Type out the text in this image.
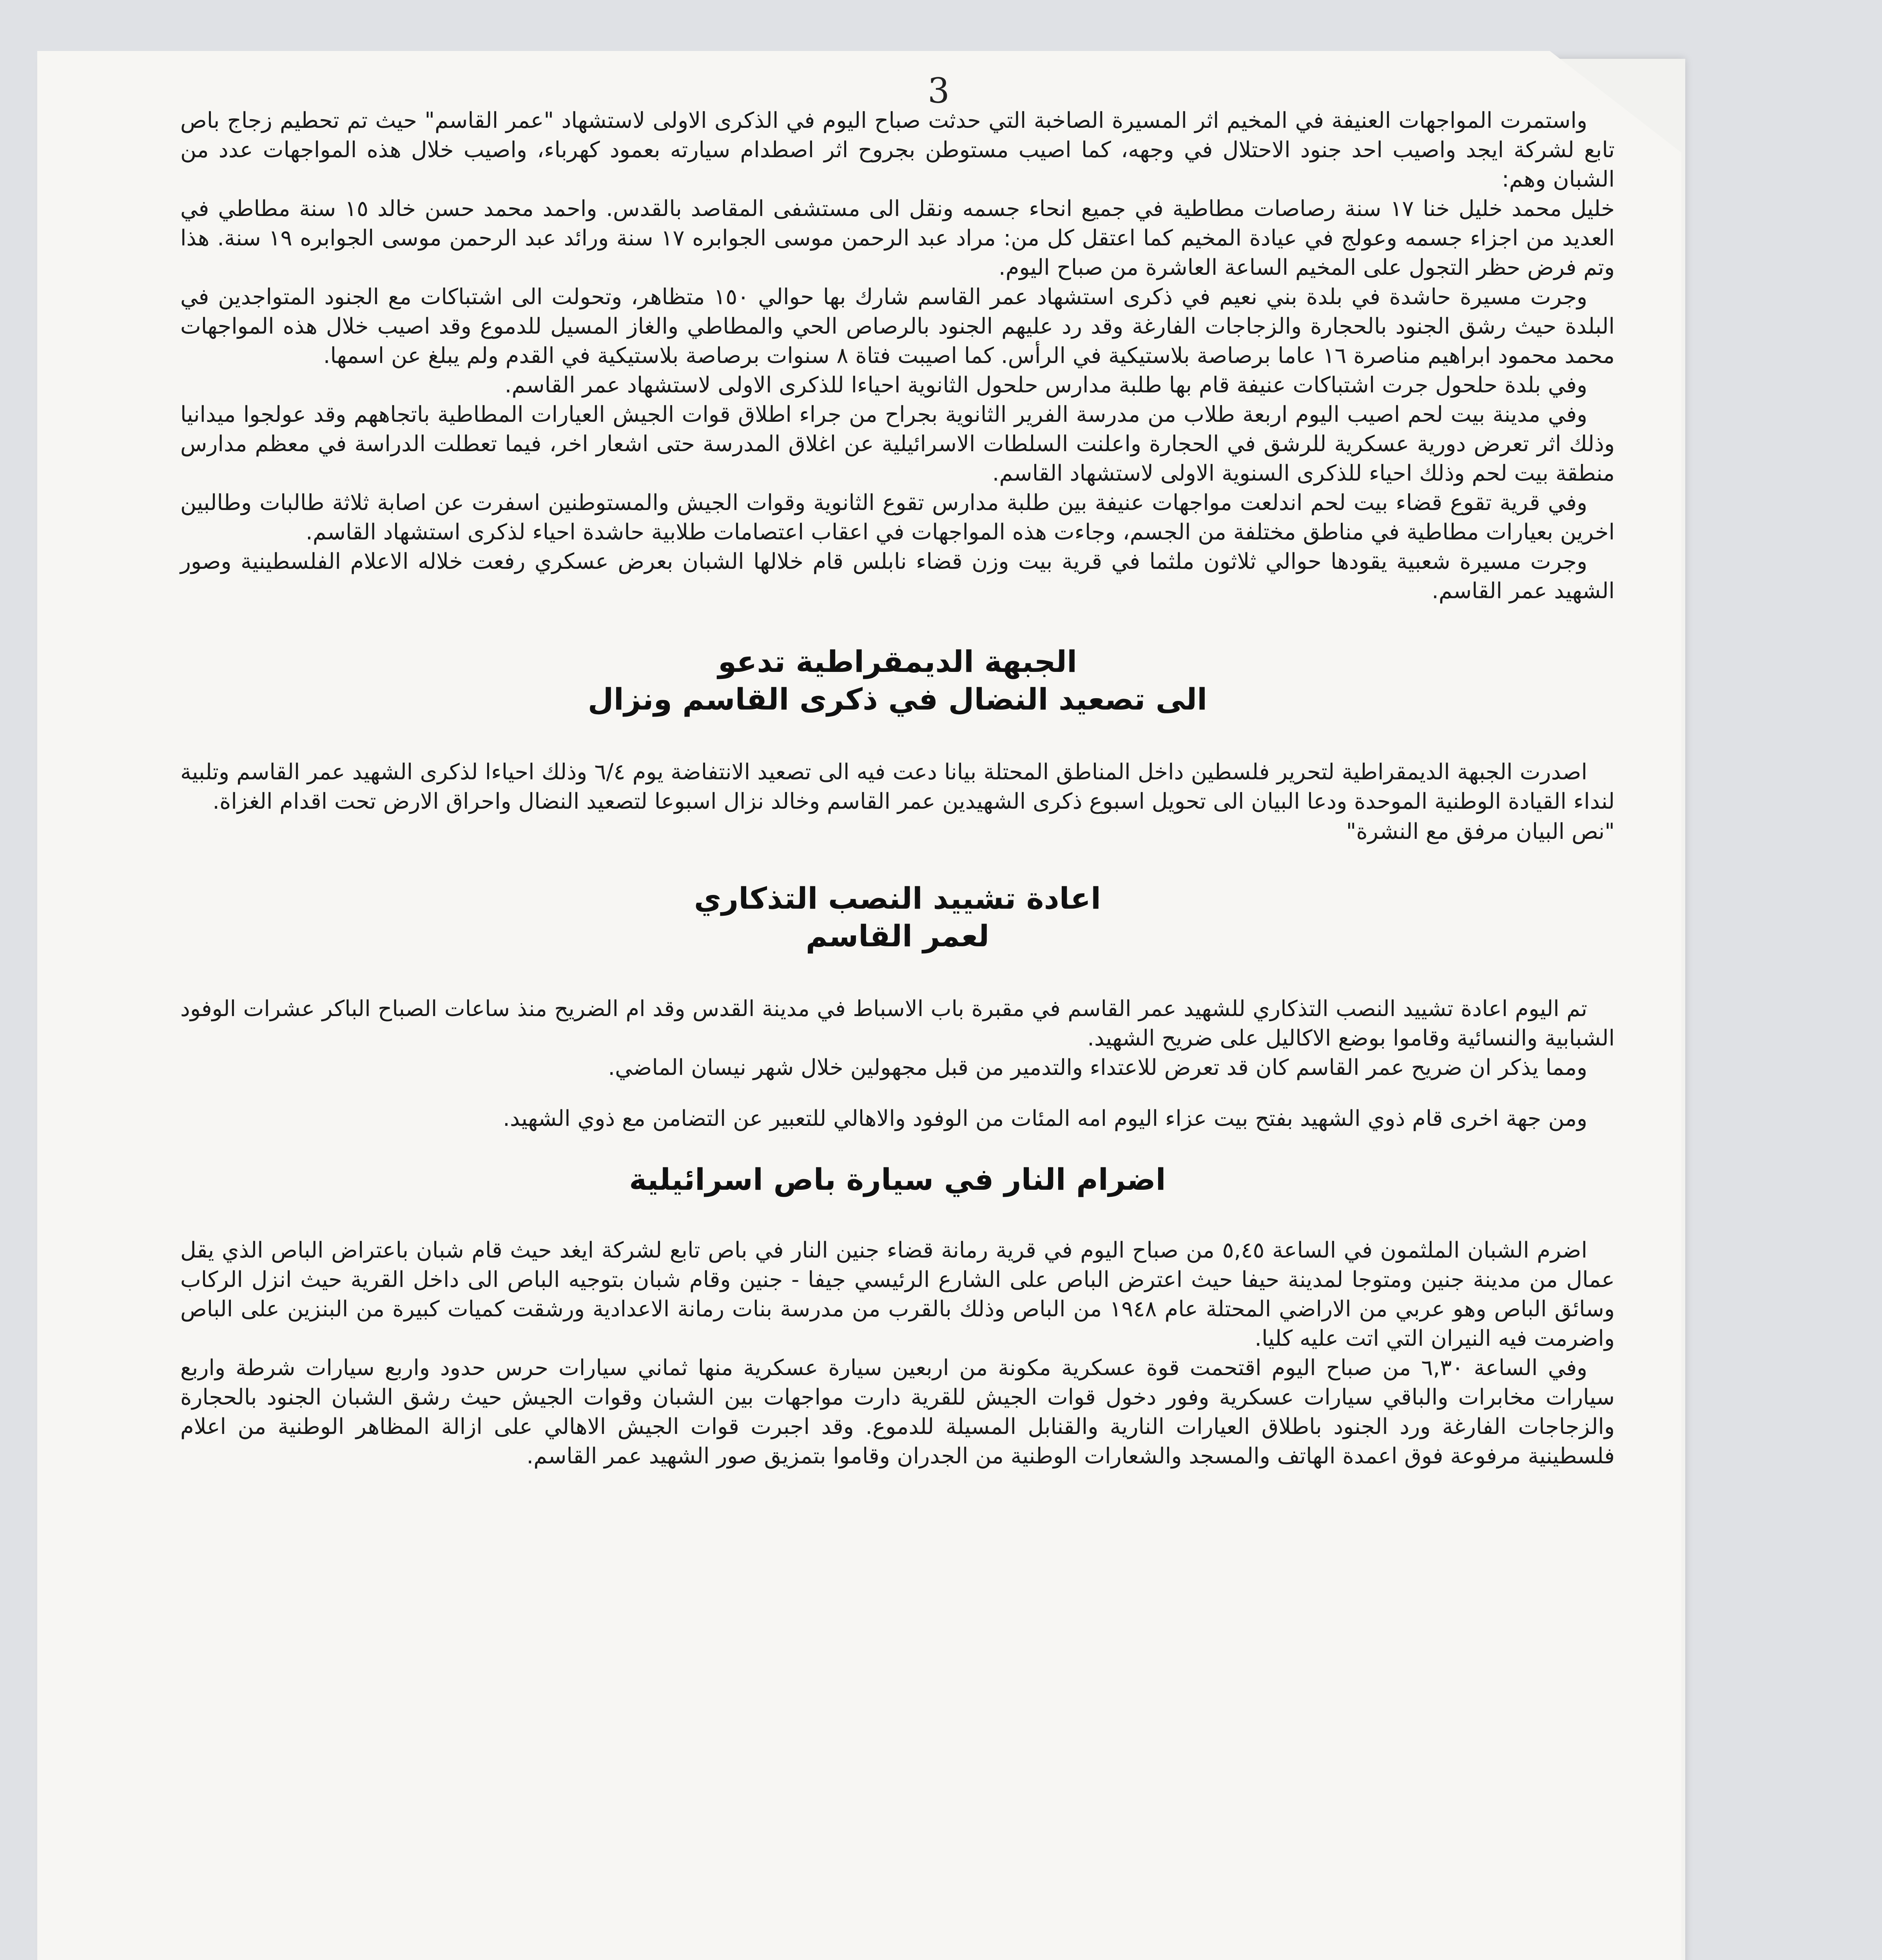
3

واستمرت المواجهات العنيفة في المخيم اثر المسيرة الصاخبة التي حدثت صباح اليوم في الذكرى الاولى لاستشهاد "عمر القاسم" حيث تم تحطيم زجاج باص تابع لشركة ايجد واصيب احد جنود الاحتلال في وجهه، كما اصيب مستوطن بجروح اثر اصطدام سيارته بعمود كهرباء، واصيب خلال هذه المواجهات عدد من الشبان وهم:

خليل محمد خليل خنا ١٧ سنة رصاصات مطاطية في جميع انحاء جسمه ونقل الى مستشفى المقاصد بالقدس. واحمد محمد حسن خالد ١٥ سنة مطاطي في العديد من اجزاء جسمه وعولج في عيادة المخيم كما اعتقل كل من: مراد عبد الرحمن موسى الجوابره ١٧ سنة ورائد عبد الرحمن موسى الجوابره ١٩ سنة. هذا وتم فرض حظر التجول على المخيم الساعة العاشرة من صباح اليوم.

وجرت مسيرة حاشدة في بلدة بني نعيم في ذكرى استشهاد عمر القاسم شارك بها حوالي ١٥٠ متظاهر، وتحولت الى اشتباكات مع الجنود المتواجدين في البلدة حيث رشق الجنود بالحجارة والزجاجات الفارغة وقد رد عليهم الجنود بالرصاص الحي والمطاطي والغاز المسيل للدموع وقد اصيب خلال هذه المواجهات محمد محمود ابراهيم مناصرة ١٦ عاما برصاصة بلاستيكية في الرأس. كما اصيبت فتاة ٨ سنوات برصاصة بلاستيكية في القدم ولم يبلغ عن اسمها.

وفي بلدة حلحول جرت اشتباكات عنيفة قام بها طلبة مدارس حلحول الثانوية احياءا للذكرى الاولى لاستشهاد عمر القاسم.

وفي مدينة بيت لحم اصيب اليوم اربعة طلاب من مدرسة الفرير الثانوية بجراح من جراء اطلاق قوات الجيش العيارات المطاطية باتجاههم وقد عولجوا ميدانيا وذلك اثر تعرض دورية عسكرية للرشق في الحجارة واعلنت السلطات الاسرائيلية عن اغلاق المدرسة حتى اشعار اخر، فيما تعطلت الدراسة في معظم مدارس منطقة بيت لحم وذلك احياء للذكرى السنوية الاولى لاستشهاد القاسم.

وفي قرية تقوع قضاء بيت لحم اندلعت مواجهات عنيفة بين طلبة مدارس تقوع الثانوية وقوات الجيش والمستوطنين اسفرت عن اصابة ثلاثة طالبات وطالبين اخرين بعيارات مطاطية في مناطق مختلفة من الجسم، وجاءت هذه المواجهات في اعقاب اعتصامات طلابية حاشدة احياء لذكرى استشهاد القاسم.

وجرت مسيرة شعبية يقودها حوالي ثلاثون ملثما في قرية بيت وزن قضاء نابلس قام خلالها الشبان بعرض عسكري رفعت خلاله الاعلام الفلسطينية وصور الشهيد عمر القاسم.

الجبهة الديمقراطية تدعو

الى تصعيد النضال في ذكرى القاسم ونزال

اصدرت الجبهة الديمقراطية لتحرير فلسطين داخل المناطق المحتلة بيانا دعت فيه الى تصعيد الانتفاضة يوم ٦/٤ وذلك احياءا لذكرى الشهيد عمر القاسم وتلبية لنداء القيادة الوطنية الموحدة ودعا البيان الى تحويل اسبوع ذكرى الشهيدين عمر القاسم وخالد نزال اسبوعا لتصعيد النضال واحراق الارض تحت اقدام الغزاة.

"نص البيان مرفق مع النشرة"

اعادة تشييد النصب التذكاري

لعمر القاسم

تم اليوم اعادة تشييد النصب التذكاري للشهيد عمر القاسم في مقبرة باب الاسباط في مدينة القدس وقد ام الضريح منذ ساعات الصباح الباكر عشرات الوفود الشبابية والنسائية وقاموا بوضع الاكاليل على ضريح الشهيد.

ومما يذكر ان ضريح عمر القاسم كان قد تعرض للاعتداء والتدمير من قبل مجهولين خلال شهر نيسان الماضي.

ومن جهة اخرى قام ذوي الشهيد بفتح بيت عزاء اليوم امه المئات من الوفود والاهالي للتعبير عن التضامن مع ذوي الشهيد.

اضرام النار في سيارة باص اسرائيلية

اضرم الشبان الملثمون في الساعة ٥,٤٥ من صباح اليوم في قرية رمانة قضاء جنين النار في باص تابع لشركة ايغد حيث قام شبان باعتراض الباص الذي يقل عمال من مدينة جنين ومتوجا لمدينة حيفا حيث اعترض الباص على الشارع الرئيسي جيفا - جنين وقام شبان بتوجيه الباص الى داخل القرية حيث انزل الركاب وسائق الباص وهو عربي من الاراضي المحتلة عام ١٩٤٨ من الباص وذلك بالقرب من مدرسة بنات رمانة الاعدادية ورشقت كميات كبيرة من البنزين على الباص واضرمت فيه النيران التي اتت عليه كليا.

وفي الساعة ٦,٣٠ من صباح اليوم اقتحمت قوة عسكرية مكونة من اربعين سيارة عسكرية منها ثماني سيارات حرس حدود واربع سيارات شرطة واربع سيارات مخابرات والباقي سيارات عسكرية وفور دخول قوات الجيش للقرية دارت مواجهات بين الشبان وقوات الجيش حيث رشق الشبان الجنود بالحجارة والزجاجات الفارغة ورد الجنود باطلاق العيارات النارية والقنابل المسيلة للدموع. وقد اجبرت قوات الجيش الاهالي على ازالة المظاهر الوطنية من اعلام فلسطينية مرفوعة فوق اعمدة الهاتف والمسجد والشعارات الوطنية من الجدران وقاموا بتمزيق صور الشهيد عمر القاسم.
